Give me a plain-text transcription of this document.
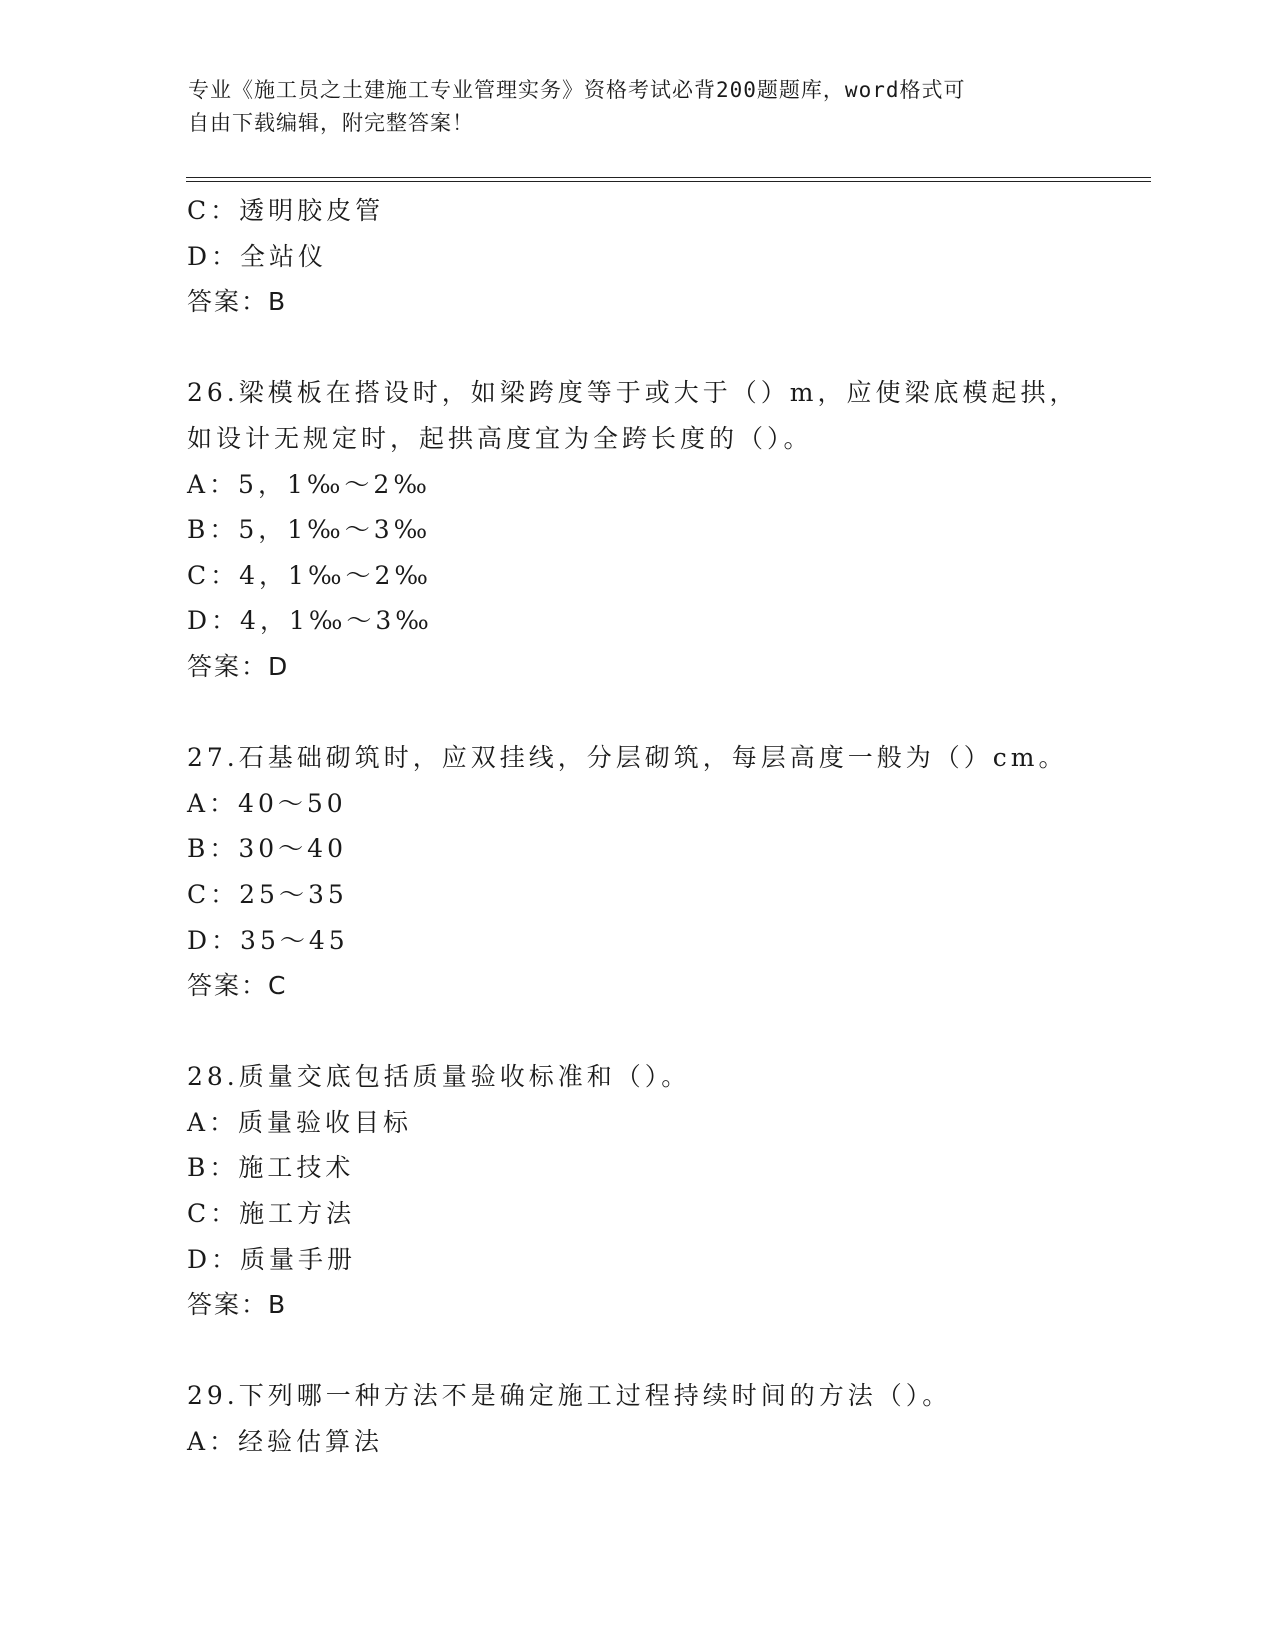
专业《施工员之土建施工专业管理实务》资格考试必背200题题库，word格式可
自由下载编辑，附完整答案！
C：透明胶皮管
D：全站仪
答案：B
26.梁模板在搭设时，如梁跨度等于或大于（）m，应使梁底模起拱，
如设计无规定时，起拱高度宜为全跨长度的（）。
A：5，1‰～2‰
B：5，1‰～3‰
C：4，1‰～2‰
D：4，1‰～3‰
答案：D
27.石基础砌筑时，应双挂线，分层砌筑，每层高度一般为（）cm。
A：40～50
B：30～40
C：25～35
D：35～45
答案：C
28.质量交底包括质量验收标准和（）。
A：质量验收目标
B：施工技术
C：施工方法
D：质量手册
答案：B
29.下列哪一种方法不是确定施工过程持续时间的方法（）。
A：经验估算法
